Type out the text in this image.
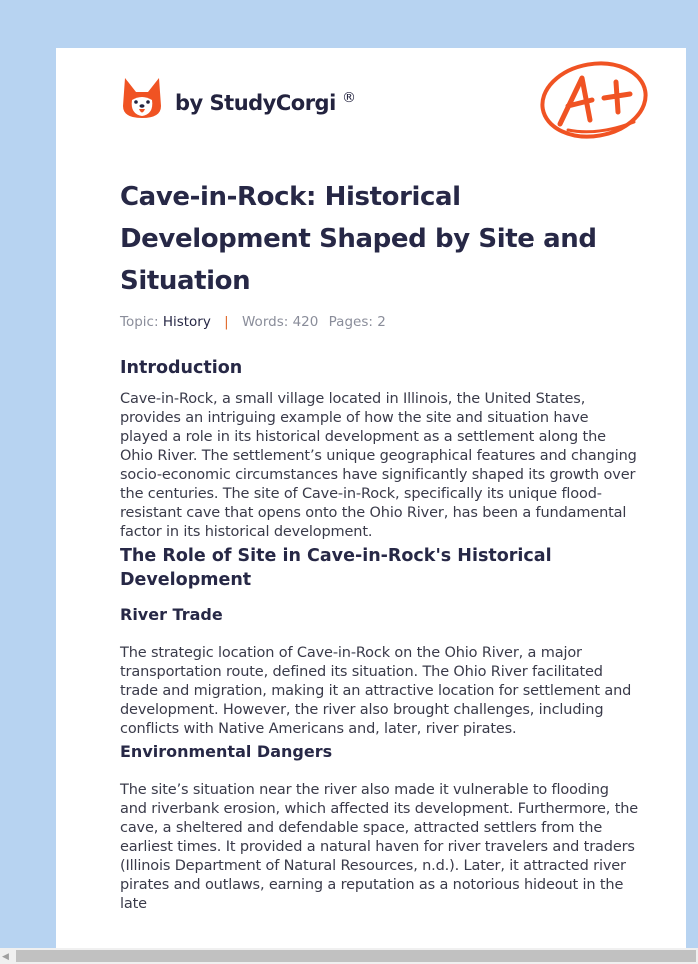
by StudyCorgi ®
Cave-in-Rock: Historical Development Shaped by Site and Situation
Topic: History | Words: 420 Pages: 2
Introduction

Cave-in-Rock, a small village located in Illinois, the United States, provides an intriguing example of how the site and situation have played a role in its historical development as a settlement along the Ohio River. The settlement’s unique geographical features and changing socio-economic circumstances have significantly shaped its growth over the centuries. The site of Cave-in-Rock, specifically its unique flood-resistant cave that opens onto the Ohio River, has been a fundamental factor in its historical development.

The Role of Site in Cave-in-Rock's Historical Development
River Trade

The strategic location of Cave-in-Rock on the Ohio River, a major transportation route, defined its situation. The Ohio River facilitated trade and migration, making it an attractive location for settlement and development. However, the river also brought challenges, including conflicts with Native Americans and, later, river pirates.

Environmental Dangers

The site’s situation near the river also made it vulnerable to flooding and riverbank erosion, which affected its development. Furthermore, the cave, a sheltered and defendable space, attracted settlers from the earliest times. It provided a natural haven for river travelers and traders (Illinois Department of Natural Resources, n.d.). Later, it attracted river pirates and outlaws, earning a reputation as a notorious hideout in the late

◀
